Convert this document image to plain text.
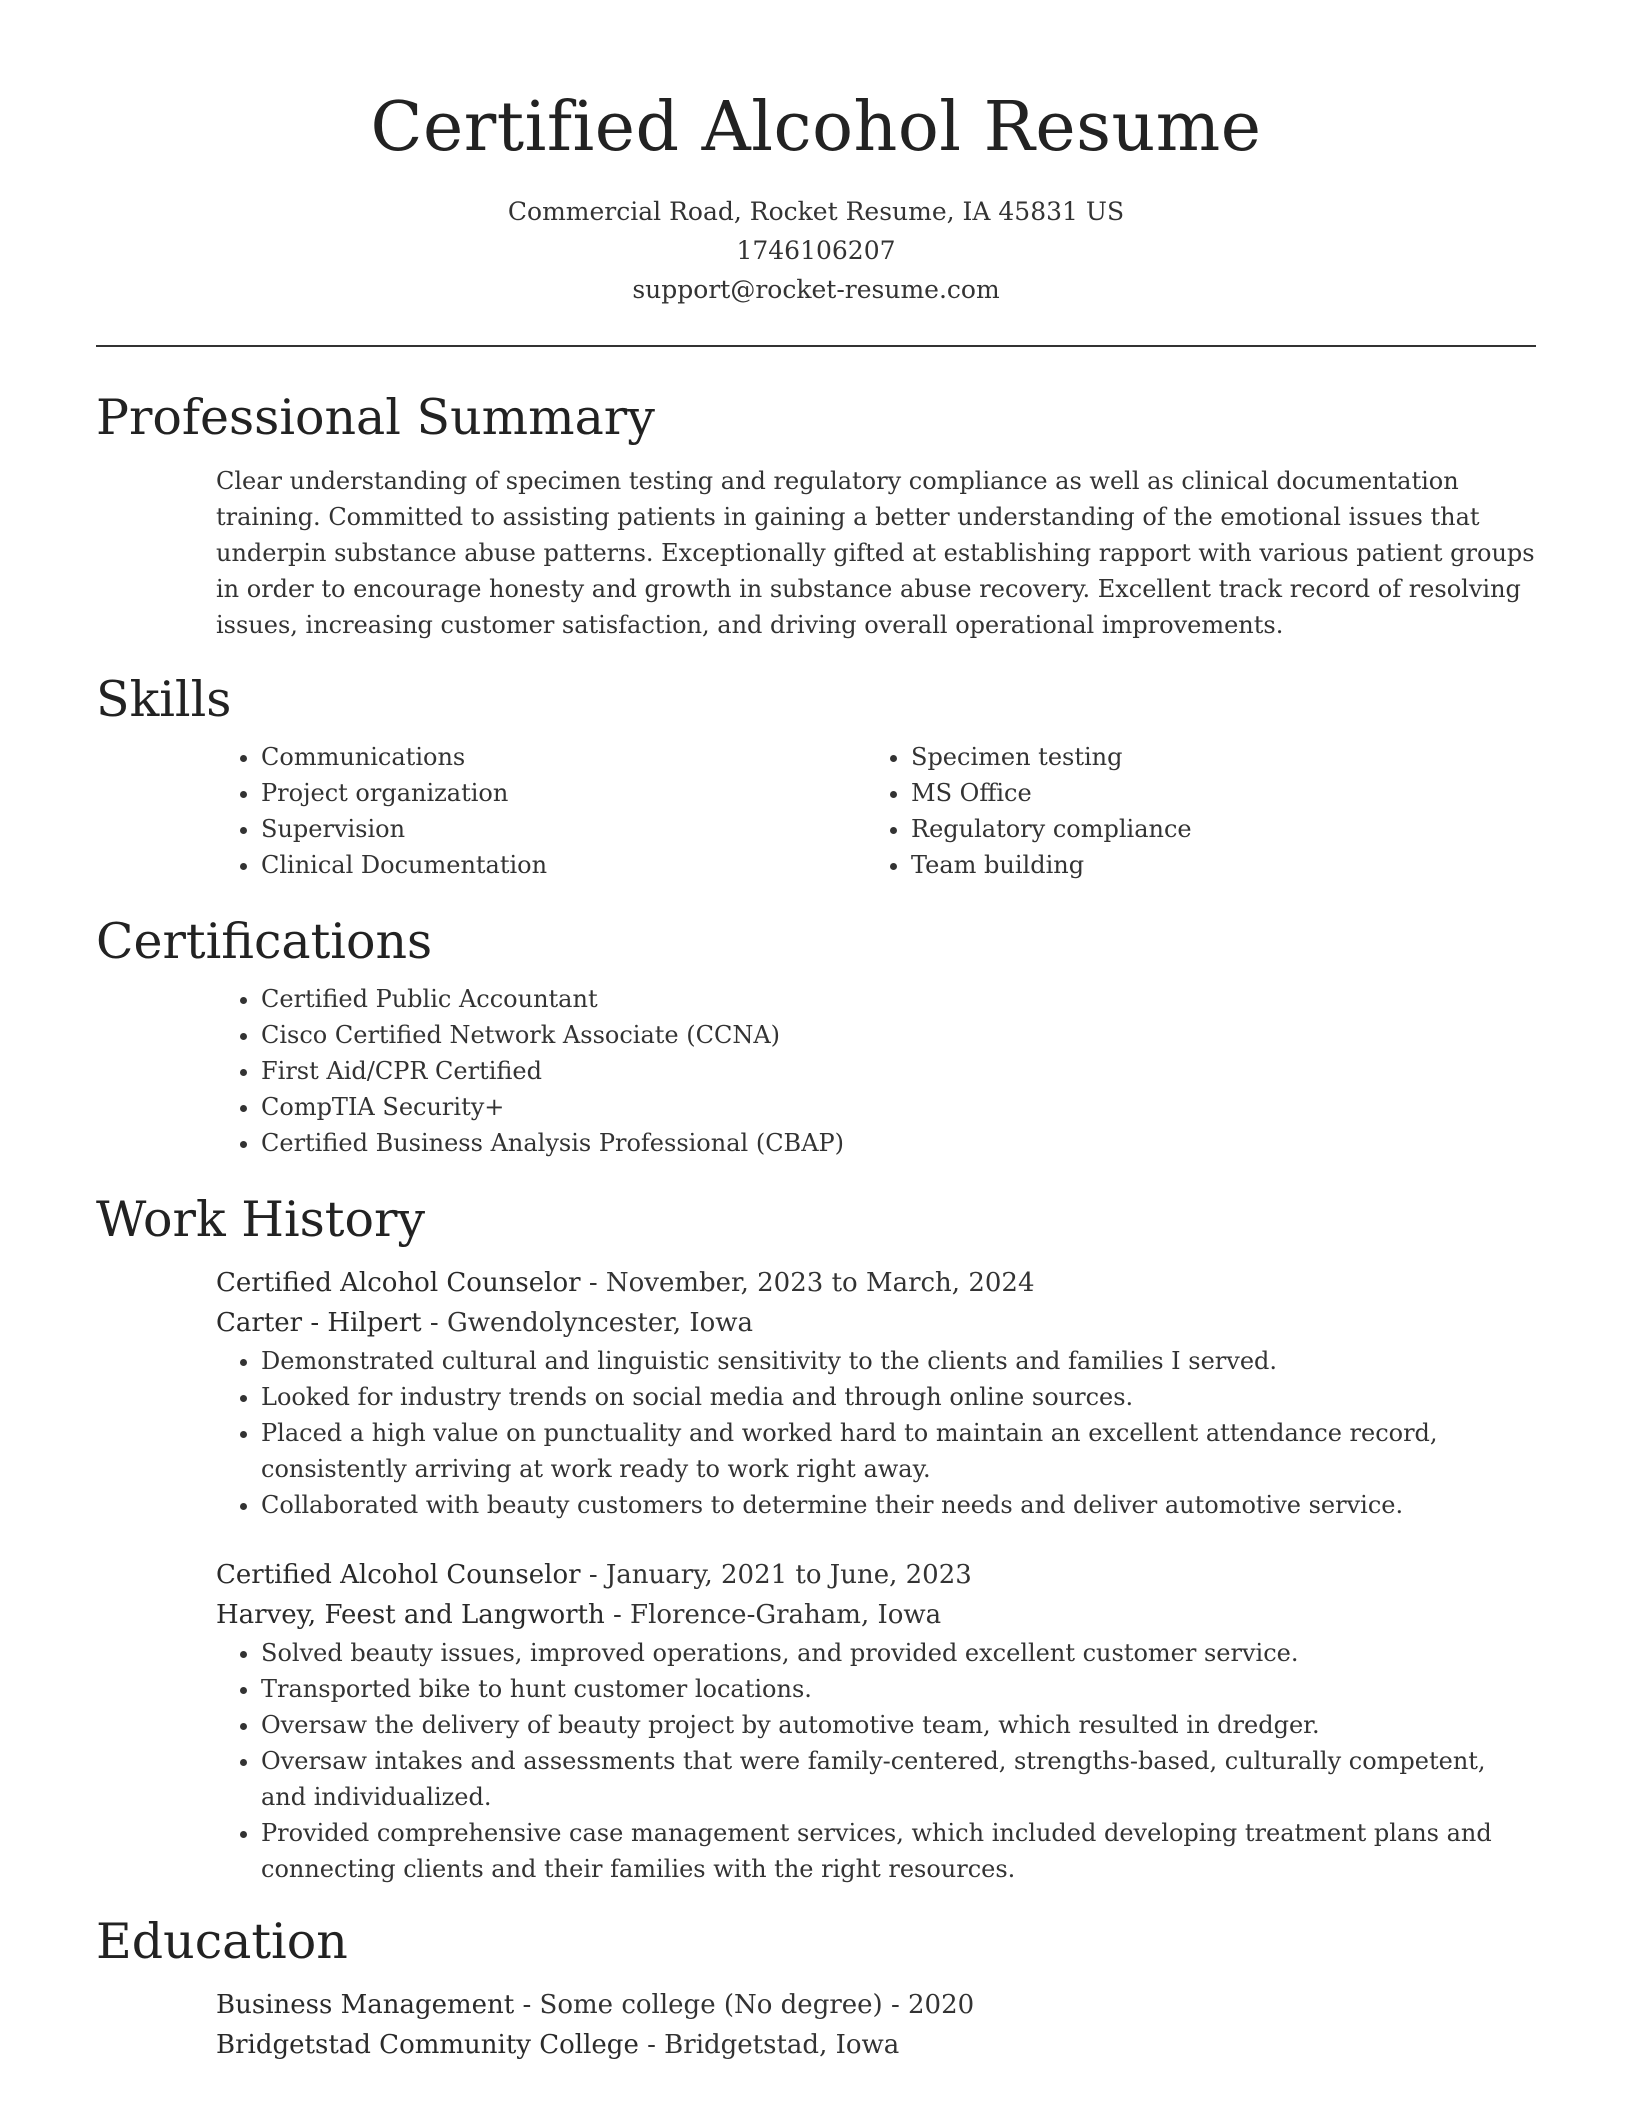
Certified Alcohol Resume
Commercial Road, Rocket Resume, IA 45831 US
1746106207
support@rocket-resume.com
Professional Summary

Clear understanding of specimen testing and regulatory compliance as well as clinical documentation training. Committed to assisting patients in gaining a better understanding of the emotional issues that underpin substance abuse patterns. Exceptionally gifted at establishing rapport with various patient groups in order to encourage honesty and growth in substance abuse recovery. Excellent track record of resolving issues, increasing customer satisfaction, and driving overall operational improvements.

Skills
• Communications
• Project organization
• Supervision
• Clinical Documentation
• Specimen testing
• MS Office
• Regulatory compliance
• Team building
Certifications
• Certified Public Accountant
• Cisco Certified Network Associate (CCNA)
• First Aid/CPR Certified
• CompTIA Security+
• Certified Business Analysis Professional (CBAP)
Work History
Certified Alcohol Counselor - November, 2023 to March, 2024
Carter - Hilpert - Gwendolyncester, Iowa
• Demonstrated cultural and linguistic sensitivity to the clients and families I served.
• Looked for industry trends on social media and through online sources.
• Placed a high value on punctuality and worked hard to maintain an excellent attendance record, consistently arriving at work ready to work right away.
• Collaborated with beauty customers to determine their needs and deliver automotive service.
Certified Alcohol Counselor - January, 2021 to June, 2023
Harvey, Feest and Langworth - Florence-Graham, Iowa
• Solved beauty issues, improved operations, and provided excellent customer service.
• Transported bike to hunt customer locations.
• Oversaw the delivery of beauty project by automotive team, which resulted in dredger.
• Oversaw intakes and assessments that were family-centered, strengths-based, culturally competent, and individualized.
• Provided comprehensive case management services, which included developing treatment plans and connecting clients and their families with the right resources.
Education
Business Management - Some college (No degree) - 2020
Bridgetstad Community College - Bridgetstad, Iowa
